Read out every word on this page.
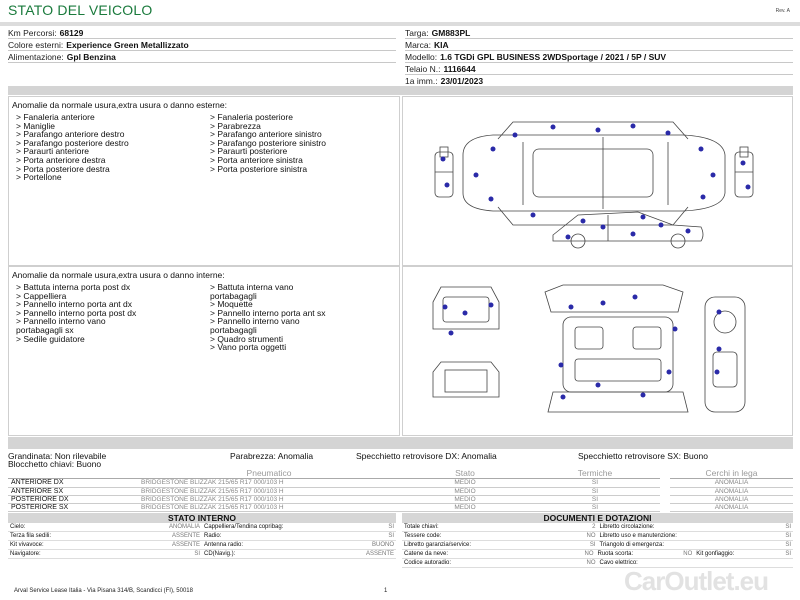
STATO DEL VEICOLO	Rev. A
Km Percorsi: 68129
Colore esterni: Experience Green Metallizzato
Alimentazione: Gpl Benzina
Targa: GM883PL
Marca: KIA
Modello: 1.6 TGDi GPL BUSINESS 2WDSportage / 2021 / 5P / SUV
Telaio N.: 1116644
1a imm.: 23/01/2023
Anomalie da normale usura,extra usura o danno esterne:
> Fanaleria anteriore
> Maniglie
> Parafango anteriore destro
> Parafango posteriore destro
> Paraurti anteriore
> Porta anteriore destra
> Porta posteriore destra
> Portellone
> Fanaleria posteriore
> Parabrezza
> Parafango anteriore sinistro
> Parafango posteriore sinistro
> Paraurti posteriore
> Porta anteriore sinistra
> Porta posteriore sinistra
Anomalie da normale usura,extra usura o danno interne:
> Battuta interna porta post dx
> Cappelliera
> Pannello interno porta ant dx
> Pannello interno porta post dx
> Pannello interno vano
portabagagli sx
> Sedile guidatore
> Battuta interna vano
portabagagli
> Moquette
> Pannello interno porta ant sx
> Pannello interno vano
portabagagli
> Quadro strumenti
> Vano porta oggetti
Grandinata: Non rilevabile	Parabrezza: Anomalia	Specchietto retrovisore DX: Anomalia	Specchietto retrovisore SX: Buono
Blocchetto chiavi: Buono
Pneumatico	Stato	Termiche	Cerchi in lega
ANTERIORE DX	BRIDGESTONE BLIZZAK 215/65 R17 000/103 H	MEDIO	SI		ANOMALIA
ANTERIORE SX	BRIDGESTONE BLIZZAK 215/65 R17 000/103 H	MEDIO	SI		ANOMALIA
POSTERIORE DX	BRIDGESTONE BLIZZAK 215/65 R17 000/103 H	MEDIO	SI		ANOMALIA
POSTERIORE SX	BRIDGESTONE BLIZZAK 215/65 R17 000/103 H	MEDIO	SI		ANOMALIA
STATO INTERNO
Cielo:	ANOMALIA Cappelliera/Tendina copribag:	SI
Terza fila sedili:	ASSENTE Radio:	SI
Kit vivavoce:	ASSENTE Antenna radio:	BUONO
Navigatore:	SI CD(Navig.):	ASSENTE
DOCUMENTI E DOTAZIONI
Totale chiavi:	2 Libretto circolazione:	SI
Tessere code:	NO Libretto uso e manutenzione:	SI
Libretto garanzia/service:	SI Triangolo di emergenza:	SI
Catene da neve:	NO Ruota scorta:	NO Kit gonfiaggio:	SI
Codice autoradio:	NO Cavo elettrico:
Arval Service Lease Italia - Via Pisana 314/B, Scandicci (FI), 50018	1	CarOutlet.eu
